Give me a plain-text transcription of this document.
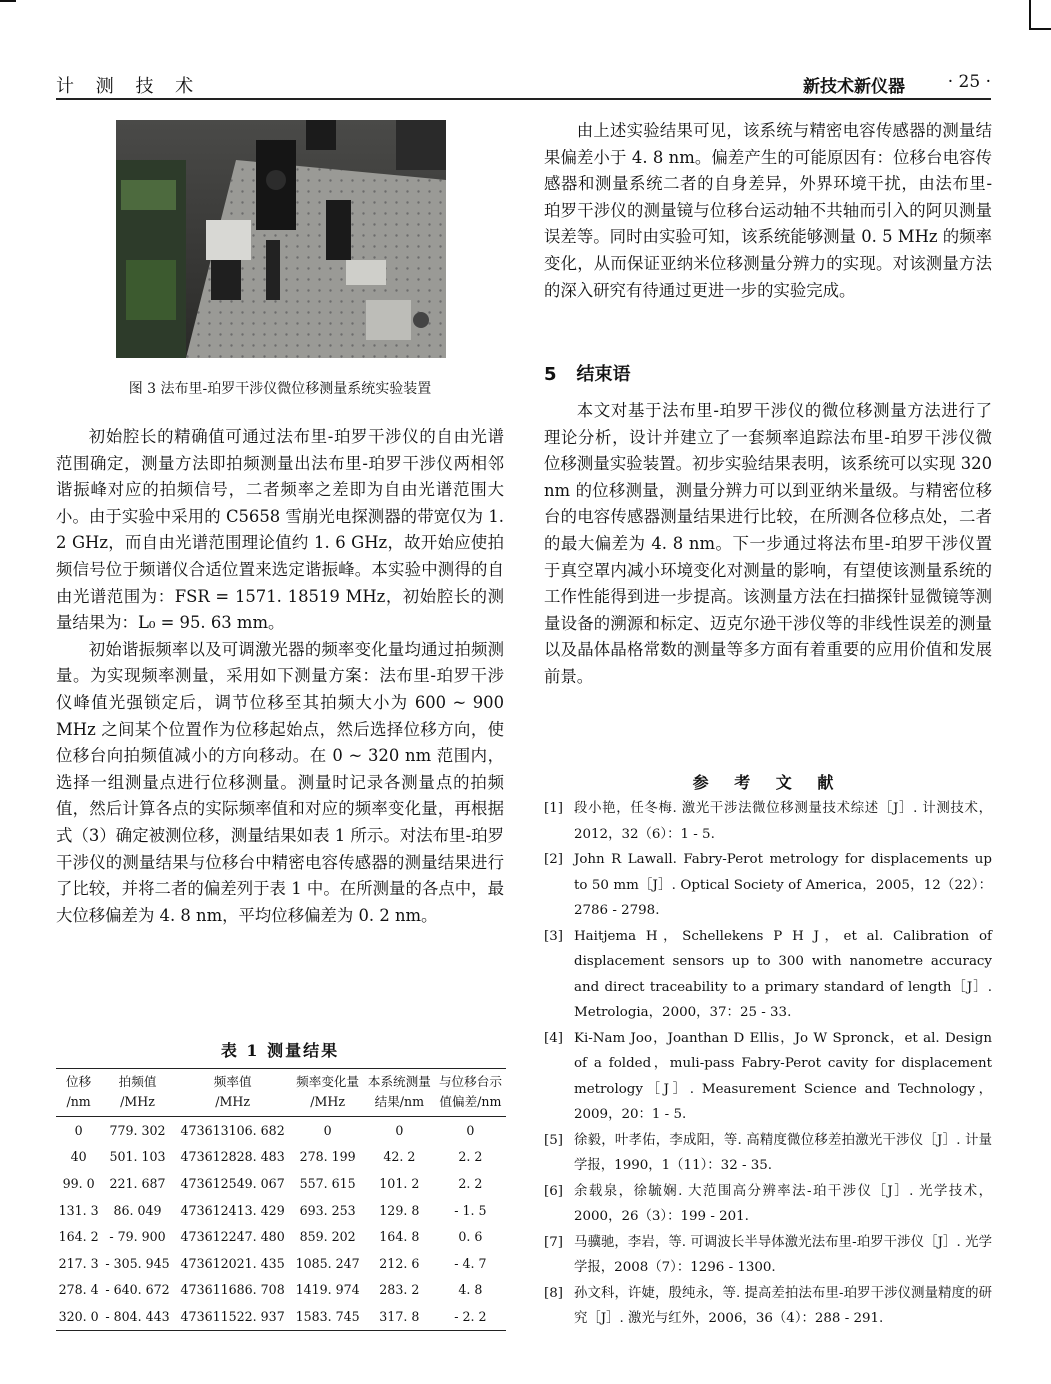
计 测 技 术	新技术新仪器	· 25 ·
图 3 法布里-珀罗干涉仪微位移测量系统实验装置

初始腔长的精确值可通过法布里-珀罗干涉仪的自由光谱范围确定，测量方法即拍频测量出法布里-珀罗干涉仪两相邻谐振峰对应的拍频信号，二者频率之差即为自由光谱范围大小。由于实验中采用的 C5658 雪崩光电探测器的带宽仅为 1. 2 GHz，而自由光谱范围理论值约 1. 6 GHz，故开始应使拍频信号位于频谱仪合适位置来选定谐振峰。本实验中测得的自由光谱范围为：FSR = 1571. 18519 MHz，初始腔长的测量结果为：L₀ = 95. 63 mm。

初始谐振频率以及可调激光器的频率变化量均通过拍频测量。为实现频率测量，采用如下测量方案：法布里-珀罗干涉仪峰值光强锁定后，调节位移至其拍频大小为 600 ~ 900 MHz 之间某个位置作为位移起始点，然后选择位移方向，使位移台向拍频值减小的方向移动。在 0 ~ 320 nm 范围内，选择一组测量点进行位移测量。测量时记录各测量点的拍频值，然后计算各点的实际频率值和对应的频率变化量，再根据式（3）确定被测位移，测量结果如表 1 所示。对法布里-珀罗干涉仪的测量结果与位移台中精密电容传感器的测量结果进行了比较，并将二者的偏差列于表 1 中。在所测量的各点中，最大位移偏差为 4. 8 nm，平均位移偏差为 0. 2 nm。

表 1 测量结果
位移	拍频值	频率值	频率变化量	本系统测量	与位移台示
/nm	/MHz	/MHz	/MHz	结果/nm	值偏差/nm
0	779. 302	473613106. 682	0	0	0
40	501. 103	473612828. 483	278. 199	42. 2	2. 2
99. 0	221. 687	473612549. 067	557. 615	101. 2	2. 2
131. 3	86. 049	473612413. 429	693. 253	129. 8	- 1. 5
164. 2	- 79. 900	473612247. 480	859. 202	164. 8	0. 6
217. 3	- 305. 945	473612021. 435	1085. 247	212. 6	- 4. 7
278. 4	- 640. 672	473611686. 708	1419. 974	283. 2	4. 8
320. 0	- 804. 443	473611522. 937	1583. 745	317. 8	- 2. 2

由上述实验结果可见，该系统与精密电容传感器的测量结果偏差小于 4. 8 nm。偏差产生的可能原因有：位移台电容传感器和测量系统二者的自身差异，外界环境干扰，由法布里-珀罗干涉仪的测量镜与位移台运动轴不共轴而引入的阿贝测量误差等。同时由实验可知，该系统能够测量 0. 5 MHz 的频率变化，从而保证亚纳米位移测量分辨力的实现。对该测量方法的深入研究有待通过更进一步的实验完成。

5 结束语

本文对基于法布里-珀罗干涉仪的微位移测量方法进行了理论分析，设计并建立了一套频率追踪法布里-珀罗干涉仪微位移测量实验装置。初步实验结果表明，该系统可以实现 320 nm 的位移测量，测量分辨力可以到亚纳米量级。与精密位移台的电容传感器测量结果进行比较，在所测各位移点处，二者的最大偏差为 4. 8 nm。下一步通过将法布里-珀罗干涉仪置于真空罩内减小环境变化对测量的影响，有望使该测量系统的工作性能得到进一步提高。该测量方法在扫描探针显微镜等测量设备的溯源和标定、迈克尔逊干涉仪等的非线性误差的测量以及晶体晶格常数的测量等多方面有着重要的应用价值和发展前景。

参 考 文 献
[1] 段小艳，任冬梅. 激光干涉法微位移测量技术综述［J］. 计测技术，2012，32（6）：1 - 5.
[2] John R Lawall. Fabry-Perot metrology for displacements up to 50 mm［J］. Optical Society of America，2005，12（22）：2786 - 2798.
[3] Haitjema H，Schellekens P H J，et al. Calibration of displacement sensors up to 300 with nanometre accuracy and direct traceability to a primary standard of length［J］. Metrologia，2000，37：25 - 33.
[4] Ki-Nam Joo，Joanthan D Ellis，Jo W Spronck，et al. Design of a folded，muli-pass Fabry-Perot cavity for displacement metrology［J］. Measurement Science and Technology，2009，20：1 - 5.
[5] 徐毅，叶孝佑，李成阳，等. 高精度微位移差拍激光干涉仪［J］. 计量学报，1990，1（11）：32 - 35.
[6] 余载泉，徐毓娴. 大范围高分辨率法-珀干涉仪［J］. 光学技术，2000，26（3）：199 - 201.
[7] 马骥驰，李岩，等. 可调波长半导体激光法布里-珀罗干涉仪［J］. 光学学报，2008（7）：1296 - 1300.
[8] 孙文科，许婕，殷纯永，等. 提高差拍法布里-珀罗干涉仪测量精度的研究［J］. 激光与红外，2006，36（4）：288 - 291.
